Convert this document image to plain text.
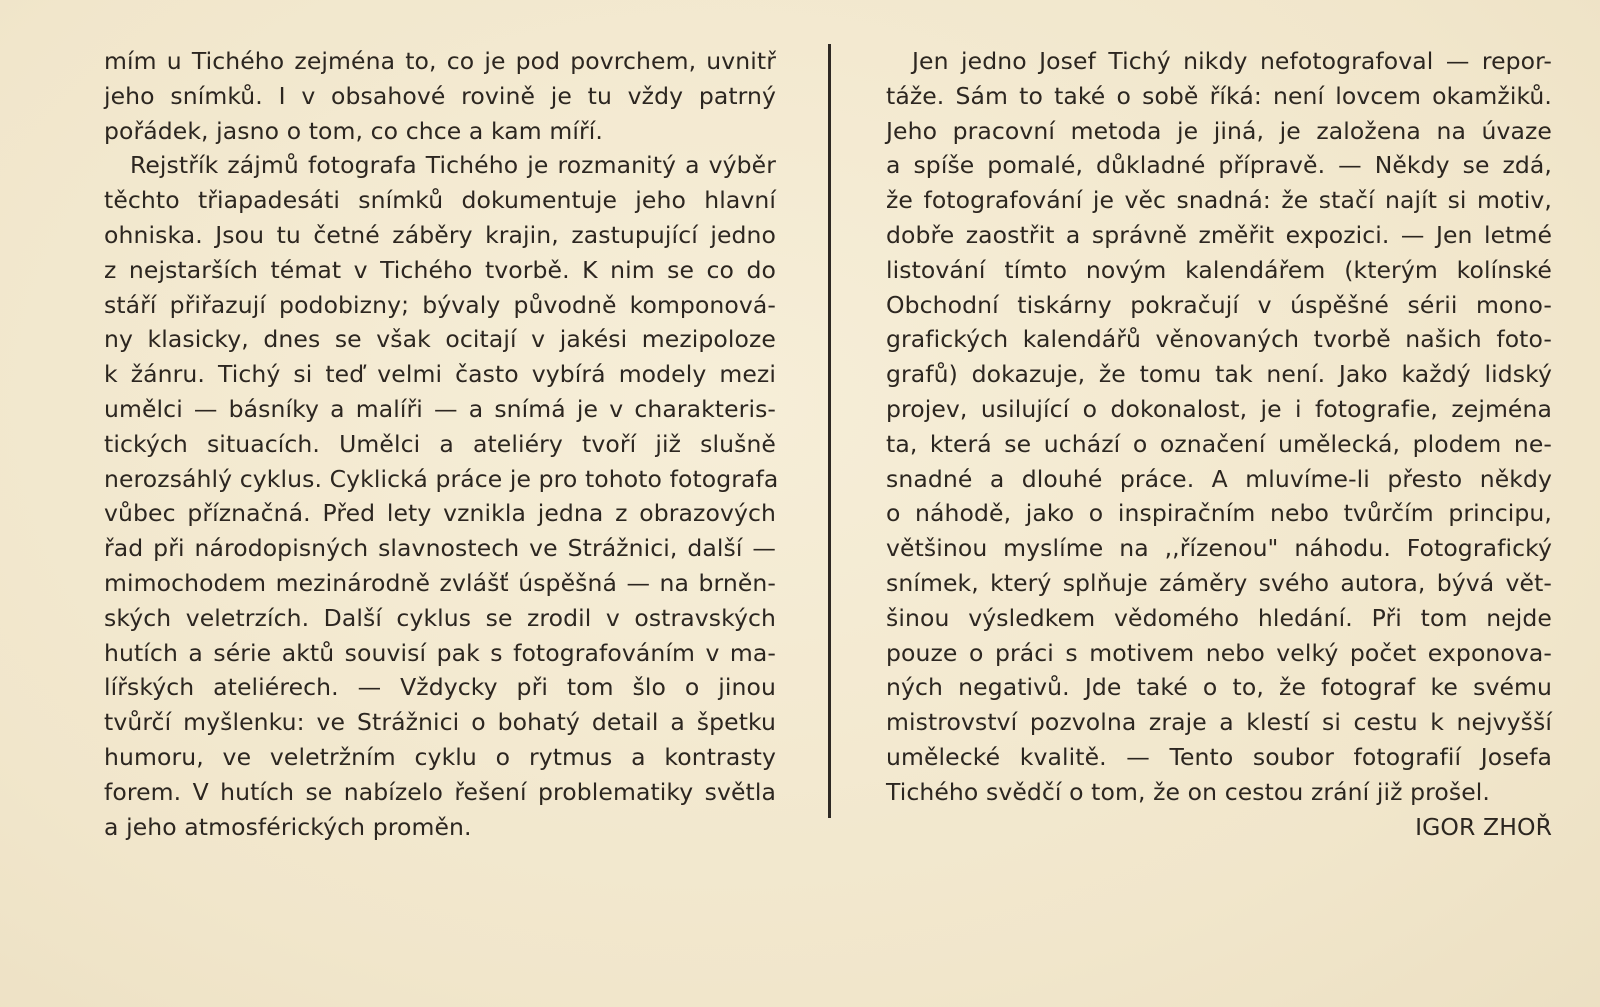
mím u Tichého zejména to, co je pod povrchem, uvnitř
jeho snímků. I v obsahové rovině je tu vždy patrný
pořádek, jasno o tom, co chce a kam míří.
Rejstřík zájmů fotografa Tichého je rozmanitý a výběr
těchto třiapadesáti snímků dokumentuje jeho hlavní
ohniska. Jsou tu četné záběry krajin, zastupující jedno
z nejstarších témat v Tichého tvorbě. K nim se co do
stáří přiřazují podobizny; bývaly původně komponová-
ny klasicky, dnes se však ocitají v jakési mezipoloze
k žánru. Tichý si teď velmi často vybírá modely mezi
umělci — básníky a malíři — a snímá je v charakteris-
tických situacích. Umělci a ateliéry tvoří již slušně
nerozsáhlý cyklus. Cyklická práce je pro tohoto fotografa
vůbec příznačná. Před lety vznikla jedna z obrazových
řad při národopisných slavnostech ve Strážnici, další —
mimochodem mezinárodně zvlášť úspěšná — na brněn-
ských veletrzích. Další cyklus se zrodil v ostravských
hutích a série aktů souvisí pak s fotografováním v ma-
lířských ateliérech. — Vždycky při tom šlo o jinou
tvůrčí myšlenku: ve Strážnici o bohatý detail a špetku
humoru, ve veletržním cyklu o rytmus a kontrasty
forem. V hutích se nabízelo řešení problematiky světla
a jeho atmosférických proměn.
Jen jedno Josef Tichý nikdy nefotografoval — repor-
táže. Sám to také o sobě říká: není lovcem okamžiků.
Jeho pracovní metoda je jiná, je založena na úvaze
a spíše pomalé, důkladné přípravě. — Někdy se zdá,
že fotografování je věc snadná: že stačí najít si motiv,
dobře zaostřit a správně změřit expozici. — Jen letmé
listování tímto novým kalendářem (kterým kolínské
Obchodní tiskárny pokračují v úspěšné sérii mono-
grafických kalendářů věnovaných tvorbě našich foto-
grafů) dokazuje, že tomu tak není. Jako každý lidský
projev, usilující o dokonalost, je i fotografie, zejména
ta, která se uchází o označení umělecká, plodem ne-
snadné a dlouhé práce. A mluvíme-li přesto někdy
o náhodě, jako o inspiračním nebo tvůrčím principu,
většinou myslíme na ,,řízenou" náhodu. Fotografický
snímek, který splňuje záměry svého autora, bývá vět-
šinou výsledkem vědomého hledání. Při tom nejde
pouze o práci s motivem nebo velký počet exponova-
ných negativů. Jde také o to, že fotograf ke svému
mistrovství pozvolna zraje a klestí si cestu k nejvyšší
umělecké kvalitě. — Tento soubor fotografií Josefa
Tichého svědčí o tom, že on cestou zrání již prošel.
IGOR ZHOŘ
